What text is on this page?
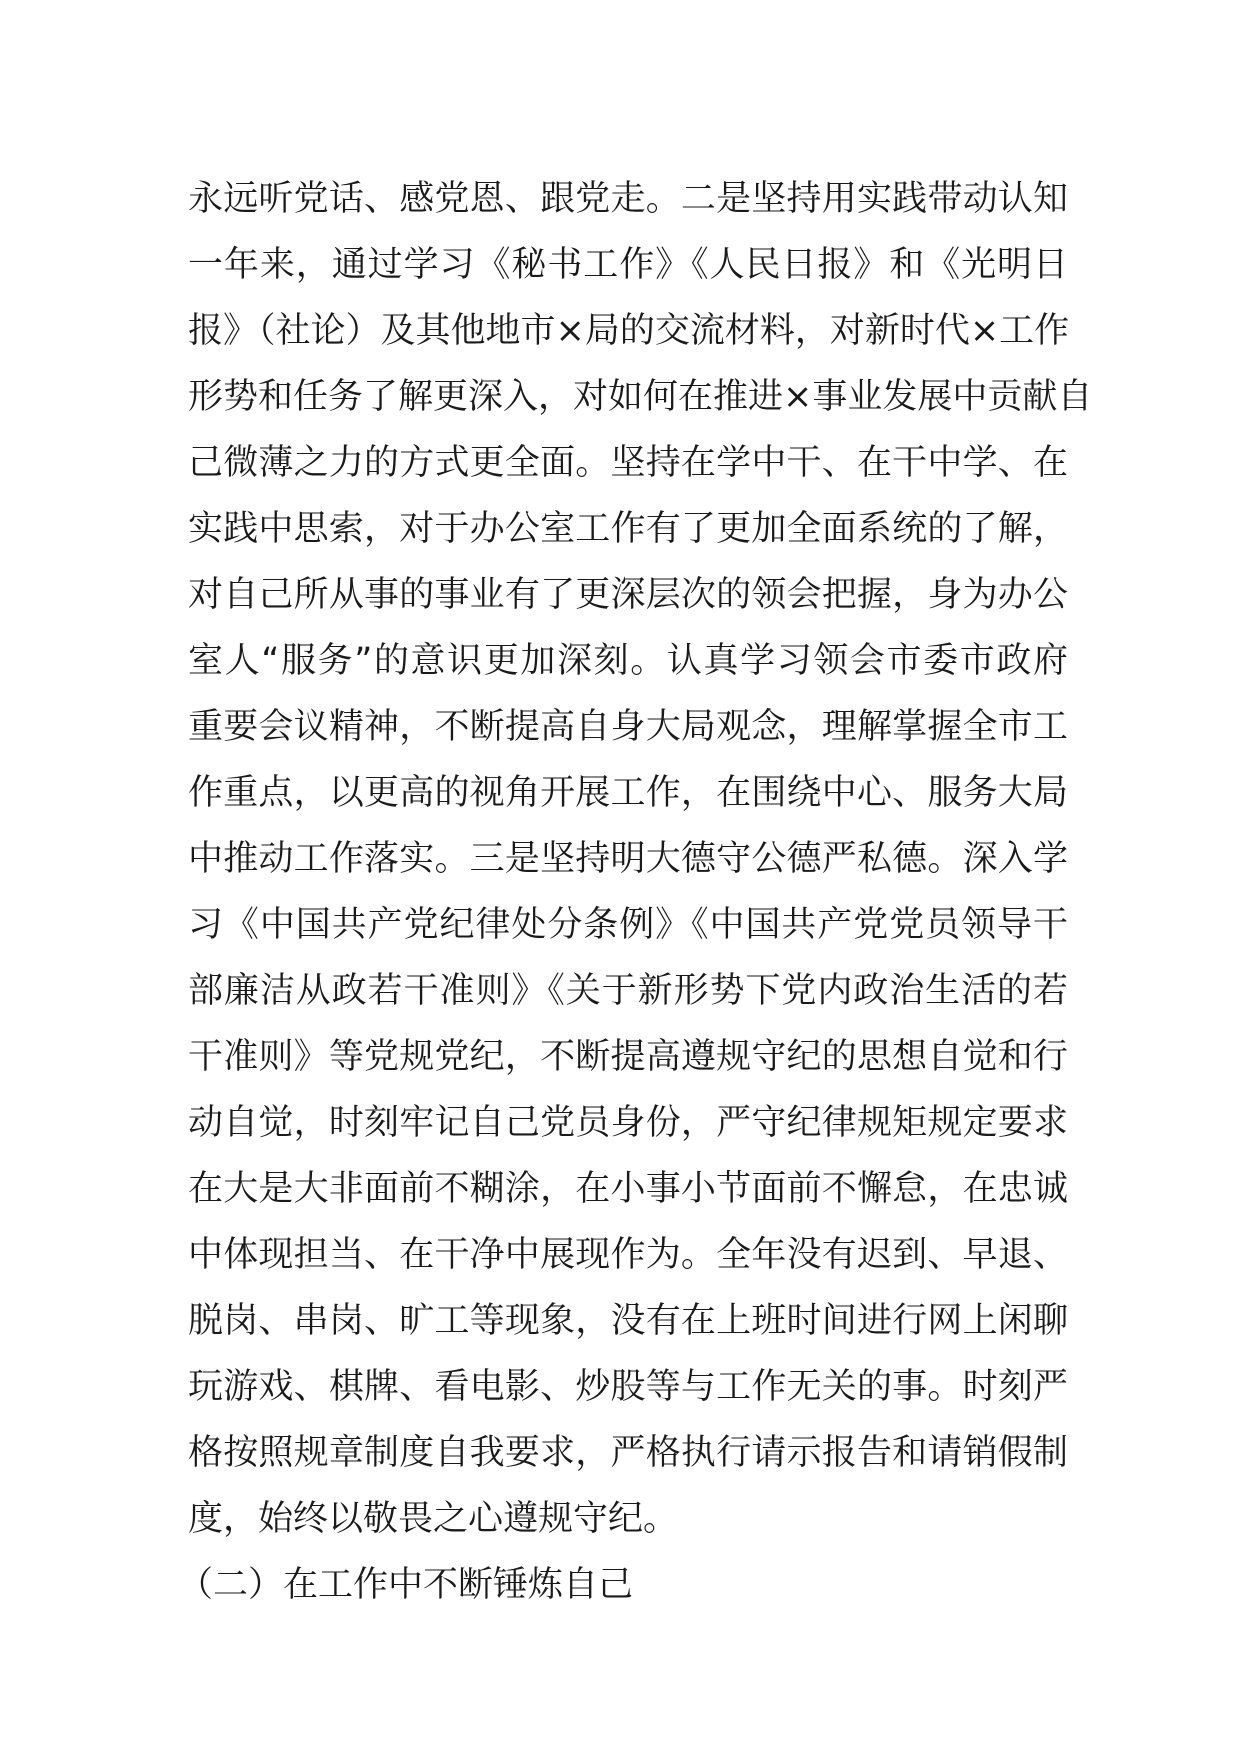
永远听党话、感党恩、跟党走。二是坚持用实践带动认知
一年来，通过学习《秘书工作》《人民日报》和《光明日
报》（社论）及其他地市×局的交流材料，对新时代×工作
形势和任务了解更深入，对如何在推进×事业发展中贡献自
己微薄之力的方式更全面。坚持在学中干、在干中学、在
实践中思索，对于办公室工作有了更加全面系统的了解，
对自己所从事的事业有了更深层次的领会把握，身为办公
室人“服务”的意识更加深刻。认真学习领会市委市政府
重要会议精神，不断提高自身大局观念，理解掌握全市工
作重点，以更高的视角开展工作，在围绕中心、服务大局
中推动工作落实。三是坚持明大德守公德严私德。深入学
习《中国共产党纪律处分条例》《中国共产党党员领导干
部廉洁从政若干准则》《关于新形势下党内政治生活的若
干准则》等党规党纪，不断提高遵规守纪的思想自觉和行
动自觉，时刻牢记自己党员身份，严守纪律规矩规定要求
在大是大非面前不糊涂，在小事小节面前不懈怠，在忠诚
中体现担当、在干净中展现作为。全年没有迟到、早退、
脱岗、串岗、旷工等现象，没有在上班时间进行网上闲聊
玩游戏、棋牌、看电影、炒股等与工作无关的事。时刻严
格按照规章制度自我要求，严格执行请示报告和请销假制
度，始终以敬畏之心遵规守纪。
（二）在工作中不断锤炼自己
